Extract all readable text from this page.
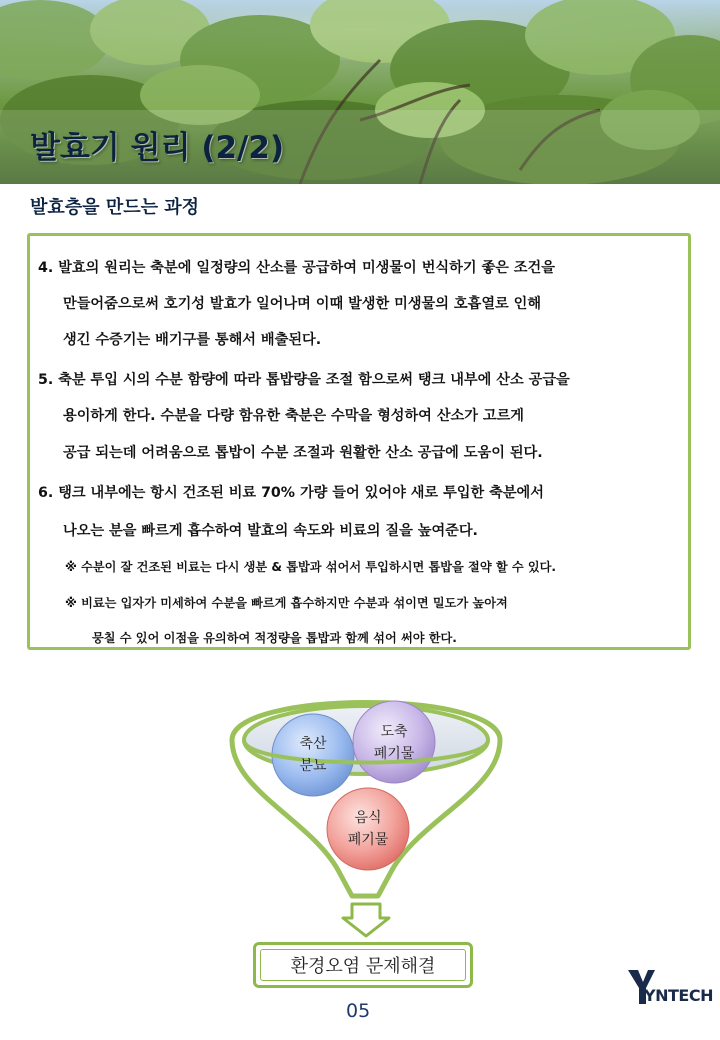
발효기 원리 (2/2)
발효층을 만드는 과정
4. 발효의 원리는 축분에 일정량의 산소를 공급하여 미생물이 번식하기 좋은 조건을
만들어줌으로써 호기성 발효가 일어나며 이때 발생한 미생물의 호흡열로 인해
생긴 수증기는 배기구를 통해서 배출된다.
5. 축분 투입 시의 수분 함량에 따라 톱밥량을 조절 함으로써 탱크 내부에 산소 공급을
용이하게 한다. 수분을 다량 함유한 축분은 수막을 형성하여 산소가 고르게
공급 되는데 어려움으로 톱밥이 수분 조절과 원활한 산소 공급에 도움이 된다.
6. 탱크 내부에는 항시 건조된 비료 70% 가량 들어 있어야 새로 투입한 축분에서
나오는 분을 빠르게 흡수하여 발효의 속도와 비료의 질을 높여준다.
※ 수분이 잘 건조된 비료는 다시 생분 & 톱밥과 섞어서 투입하시면 톱밥을 절약 할 수 있다.
※ 비료는 입자가 미세하여 수분을 빠르게 흡수하지만 수분과 섞이면 밀도가 높아져
뭉칠 수 있어 이점을 유의하여 적정량을 톱밥과 함께 섞어 써야 한다.
축산
분뇨
도축
폐기물
음식
폐기물
환경오염 문제해결
05
YNTECH
